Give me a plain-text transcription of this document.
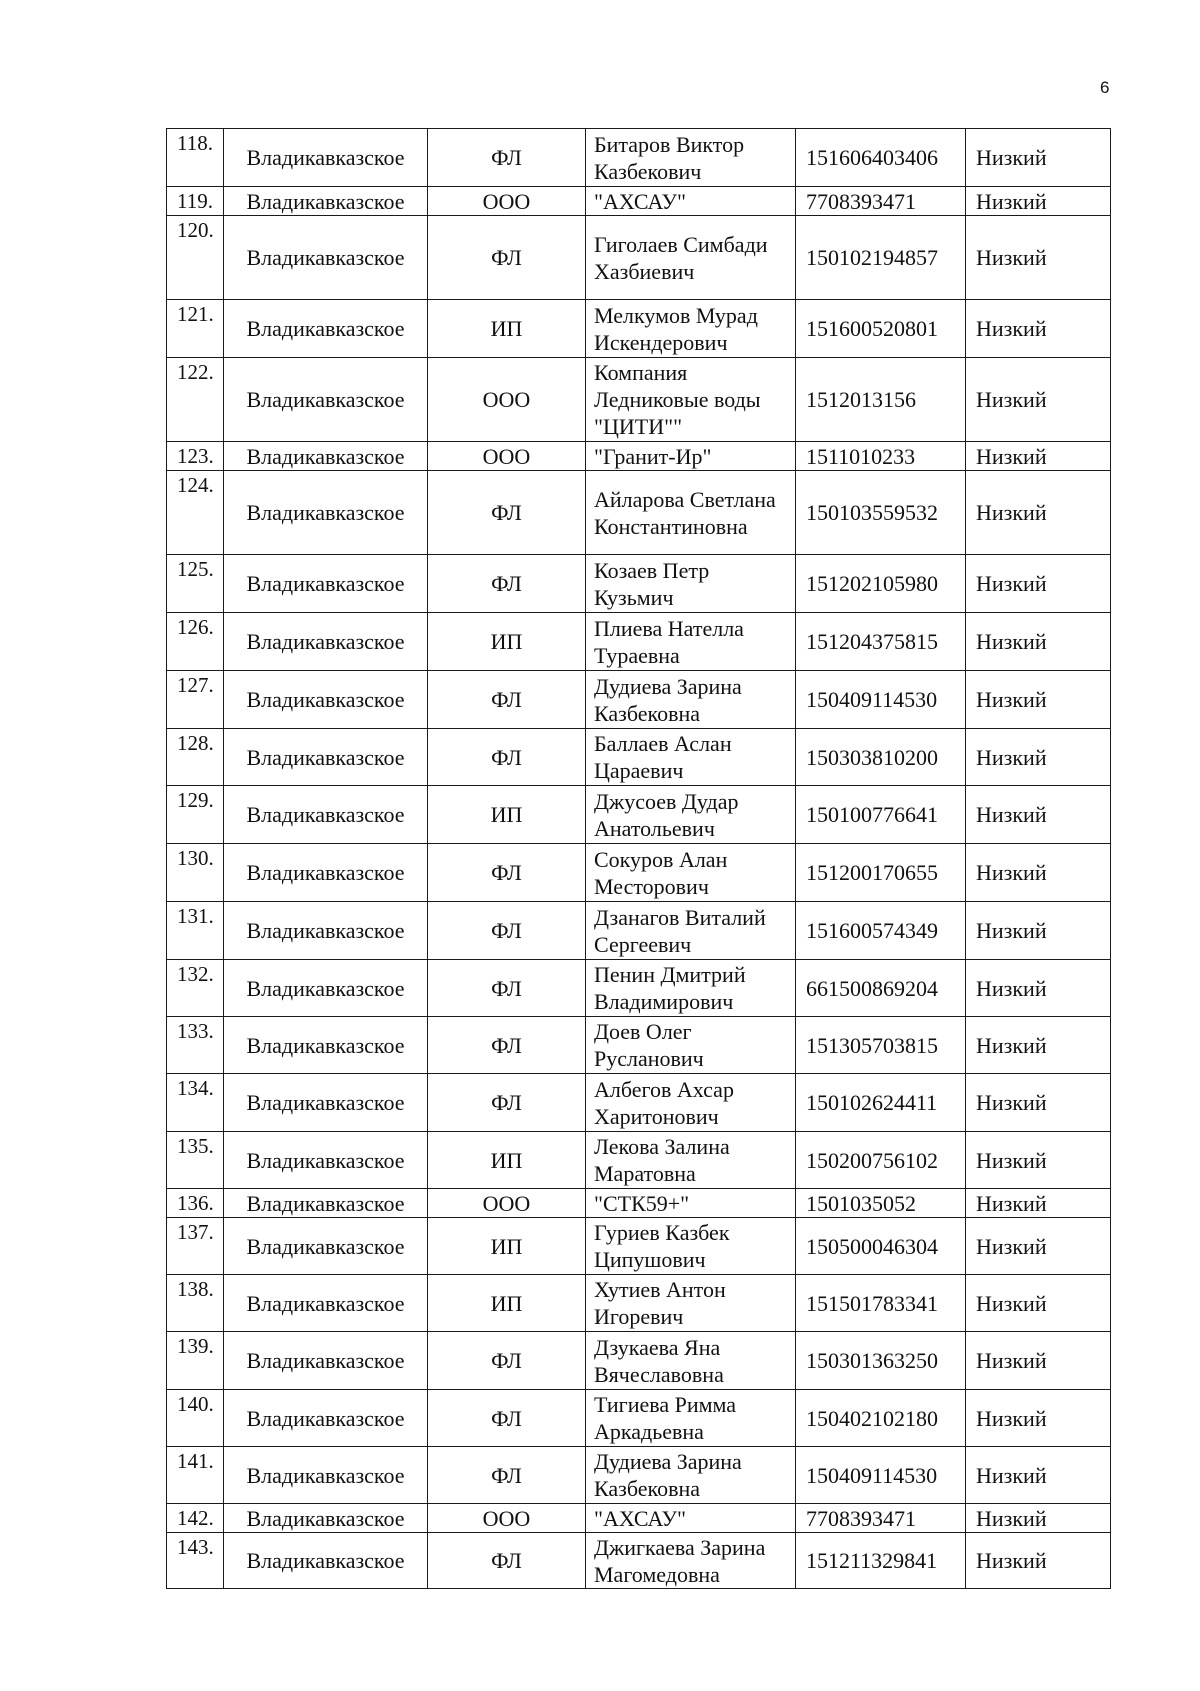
6
118.	Владикавказское	ФЛ	Битаров Виктор Казбекович	151606403406	Низкий
119.	Владикавказское	ООО	"АХСАУ"	7708393471	Низкий
120.	Владикавказское	ФЛ	Гиголаев Симбади Хазбиевич	150102194857	Низкий
121.	Владикавказское	ИП	Мелкумов Мурад Искендерович	151600520801	Низкий
122.	Владикавказское	ООО	Компания Ледниковые воды "ЦИТИ""	1512013156	Низкий
123.	Владикавказское	ООО	"Гранит-Ир"	1511010233	Низкий
124.	Владикавказское	ФЛ	Айларова Светлана Константиновна	150103559532	Низкий
125.	Владикавказское	ФЛ	Козаев Петр Кузьмич	151202105980	Низкий
126.	Владикавказское	ИП	Плиева Нателла Тураевна	151204375815	Низкий
127.	Владикавказское	ФЛ	Дудиева Зарина Казбековна	150409114530	Низкий
128.	Владикавказское	ФЛ	Баллаев Аслан Цараевич	150303810200	Низкий
129.	Владикавказское	ИП	Джусоев Дудар Анатольевич	150100776641	Низкий
130.	Владикавказское	ФЛ	Сокуров Алан Месторович	151200170655	Низкий
131.	Владикавказское	ФЛ	Дзанагов Виталий Сергеевич	151600574349	Низкий
132.	Владикавказское	ФЛ	Пенин Дмитрий Владимирович	661500869204	Низкий
133.	Владикавказское	ФЛ	Доев Олег Русланович	151305703815	Низкий
134.	Владикавказское	ФЛ	Албегов Ахсар Харитонович	150102624411	Низкий
135.	Владикавказское	ИП	Лекова Залина Маратовна	150200756102	Низкий
136.	Владикавказское	ООО	"СТК59+"	1501035052	Низкий
137.	Владикавказское	ИП	Гуриев Казбек Ципушович	150500046304	Низкий
138.	Владикавказское	ИП	Хутиев Антон Игоревич	151501783341	Низкий
139.	Владикавказское	ФЛ	Дзукаева Яна Вячеславовна	150301363250	Низкий
140.	Владикавказское	ФЛ	Тигиева Римма Аркадьевна	150402102180	Низкий
141.	Владикавказское	ФЛ	Дудиева Зарина Казбековна	150409114530	Низкий
142.	Владикавказское	ООО	"АХСАУ"	7708393471	Низкий
143.	Владикавказское	ФЛ	Джигкаева Зарина Магомедовна	151211329841	Низкий
